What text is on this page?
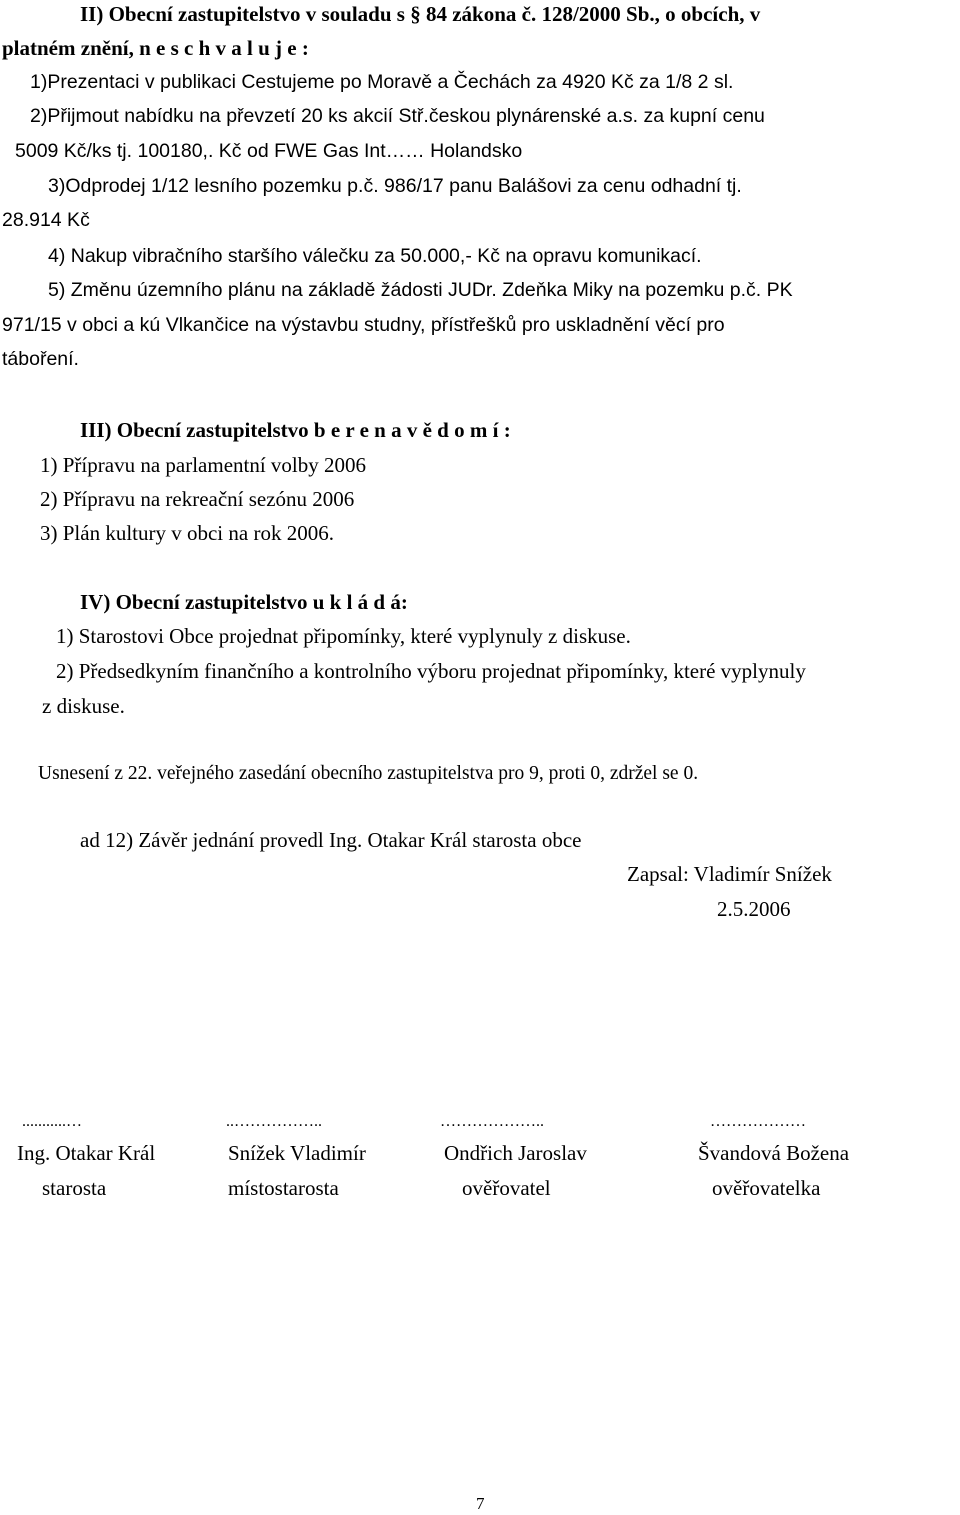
II) Obecní zastupitelstvo v souladu s § 84 zákona č. 128/2000 Sb., o obcích, v
platném znění, n e s c h v a l u j e :
1)Prezentaci v publikaci Cestujeme po Moravě a Čechách za 4920 Kč za 1/8 2 sl.
2)Přijmout nabídku na převzetí 20 ks akcií Stř.českou plynárenské a.s. za kupní cenu
5009 Kč/ks tj. 100180,. Kč od FWE Gas Int…… Holandsko
3)Odprodej 1/12 lesního pozemku p.č. 986/17 panu Balášovi za cenu odhadní tj.
28.914 Kč
4) Nakup vibračního staršího válečku za 50.000,- Kč na opravu komunikací.
5) Změnu územního plánu na základě žádosti JUDr. Zdeňka Miky na pozemku p.č. PK
971/15 v obci a kú Vlkančice na výstavbu studny, přístřešků pro uskladnění věcí pro
táboření.
III) Obecní zastupitelstvo b e r e n a v ě d o m í :
1) Přípravu na parlamentní volby 2006
2) Přípravu na rekreační sezónu 2006
3) Plán kultury v obci na rok 2006.
IV) Obecní zastupitelstvo u k l á d á:
1) Starostovi Obce projednat připomínky, které vyplynuly z diskuse.
2) Předsedkyním finančního a kontrolního výboru projednat připomínky, které vyplynuly
z diskuse.
Usnesení z 22. veřejného zasedání obecního zastupitelstva pro 9, proti 0, zdržel se 0.
ad 12) Závěr jednání provedl Ing. Otakar Král starosta obce
Zapsal: Vladimír Snížek
2.5.2006
...........…
Ing. Otakar Král
starosta
..……………..
Snížek Vladimír
místostarosta
………………..
Ondřich Jaroslav
ověřovatel
………………
Švandová Božena
ověřovatelka
7
